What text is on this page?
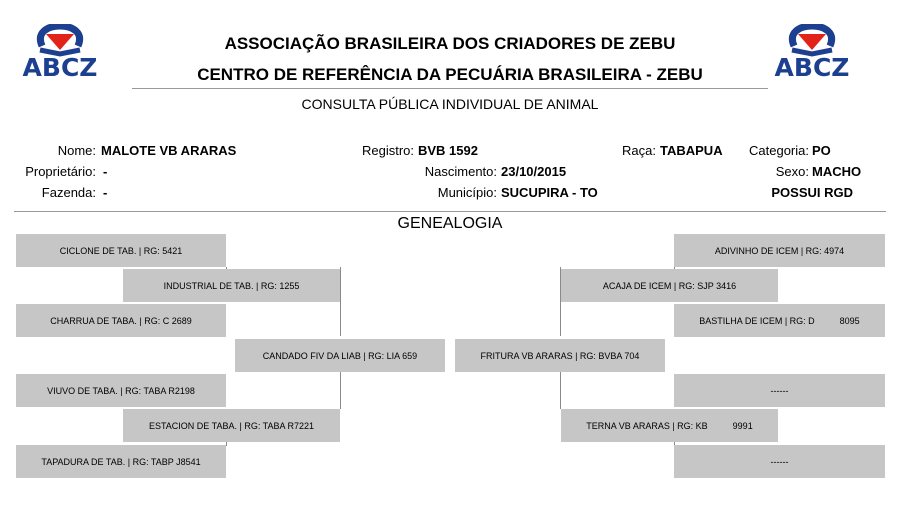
ABCZ	ABCZ
ASSOCIAÇÃO BRASILEIRA DOS CRIADORES DE ZEBU
CENTRO DE REFERÊNCIA DA PECUÁRIA BRASILEIRA - ZEBU
CONSULTA PÚBLICA INDIVIDUAL DE ANIMAL
Nome: MALOTE VB ARARAS
Proprietário: -
Fazenda: -
Registro: BVB 1592
Nascimento: 23/10/2015
Município: SUCUPIRA - TO
Raça: TABAPUA Categoria: PO
Sexo: MACHO
POSSUI RGD
GENEALOGIA
CICLONE DE TAB. | RG: 5421
INDUSTRIAL DE TAB. | RG: 1255
CHARRUA DE TABA. | RG: C 2689
CANDADO FIV DA LIAB | RG: LIA 659
VIUVO DE TABA. | RG: TABA R2198
ESTACION DE TABA. | RG: TABA R7221
TAPADURA DE TAB. | RG: TABP J8541
ADIVINHO DE ICEM | RG: 4974
ACAJA DE ICEM | RG: SJP 3416
BASTILHA DE ICEM | RG: D          8095
FRITURA VB ARARAS | RG: BVBA 704
------
TERNA VB ARARAS | RG: KB          9991
------
